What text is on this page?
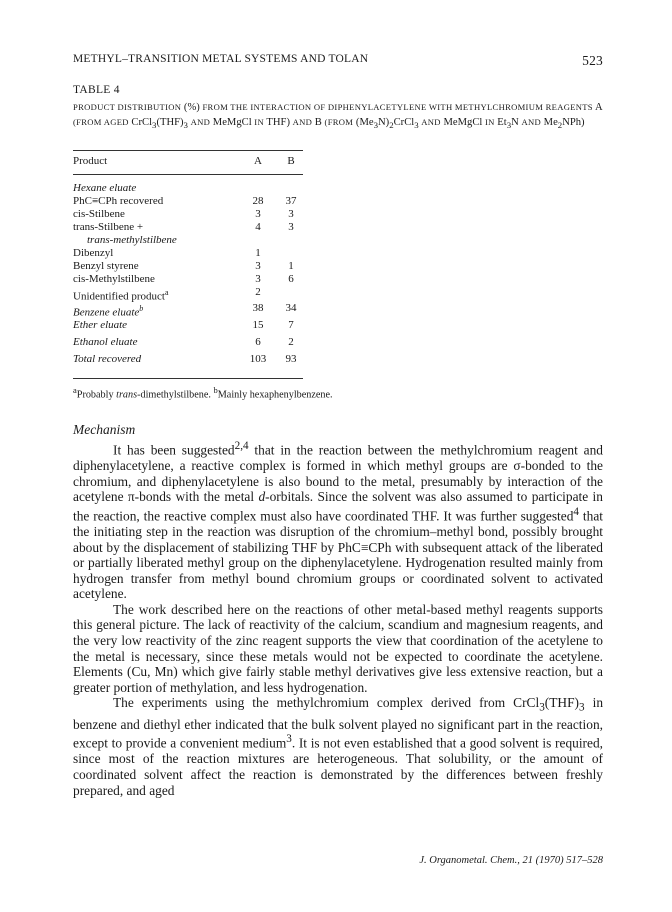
METHYL–TRANSITION METAL SYSTEMS AND TOLAN	523
TABLE 4
PRODUCT DISTRIBUTION (%) FROM THE INTERACTION OF DIPHENYLACETYLENE WITH METHYLCHROMIUM REAGENTS A (FROM AGED $CrCl_3(THF)_3$ AND MeMgCl IN THF) AND B (FROM $(Me_3N)_2CrCl_3$ AND MeMgCl IN $Et_3N$ AND $Me_2NPh$)
Product	A	B
Hexane eluate
PhC≡CPh recovered	28	37
cis-Stilbene	3	3
trans-Stilbene +	4	3
trans-methylstilbene
Dibenzyl	1
Benzyl styrene	3	1
cis-Methylstilbene	3	6
Unidentified product$^a$	2
Benzene eluate$^b$	38	34
Ether eluate	15	7
Ethanol eluate	6	2
Total recovered	103	93
$^a$Probably trans-dimethylstilbene. $^b$Mainly hexaphenylbenzene.
Mechanism

It has been suggested$^{2,4}$ that in the reaction between the methylchromium reagent and diphenylacetylene, a reactive complex is formed in which methyl groups are σ-bonded to the chromium, and diphenylacetylene is also bound to the metal, presumably by interaction of the acetylene π-bonds with the metal d-orbitals. Since the solvent was also assumed to participate in the reaction, the reactive complex must also have coordinated THF. It was further suggested$^4$ that the initiating step in the reaction was disruption of the chromium–methyl bond, possibly brought about by the displacement of stabilizing THF by PhC≡CPh with subsequent attack of the liberated or partially liberated methyl group on the diphenylacetylene. Hydrogenation resulted mainly from hydrogen transfer from methyl bound chromium groups or coordinated solvent to activated acetylene.

The work described here on the reactions of other metal-based methyl reagents supports this general picture. The lack of reactivity of the calcium, scandium and magnesium reagents, and the very low reactivity of the zinc reagent supports the view that coordination of the acetylene to the metal is necessary, since these metals would not be expected to coordinate the acetylene. Elements (Cu, Mn) which give fairly stable methyl derivatives give less extensive reaction, but a greater portion of methylation, and less hydrogenation.

The experiments using the methylchromium complex derived from $CrCl_3(THF)_3$ in benzene and diethyl ether indicated that the bulk solvent played no significant part in the reaction, except to provide a convenient medium$^3$. It is not even established that a good solvent is required, since most of the reaction mixtures are heterogeneous. That solubility, or the amount of coordinated solvent affect the reaction is demonstrated by the differences between freshly prepared, and aged

J. Organometal. Chem., 21 (1970) 517–528
